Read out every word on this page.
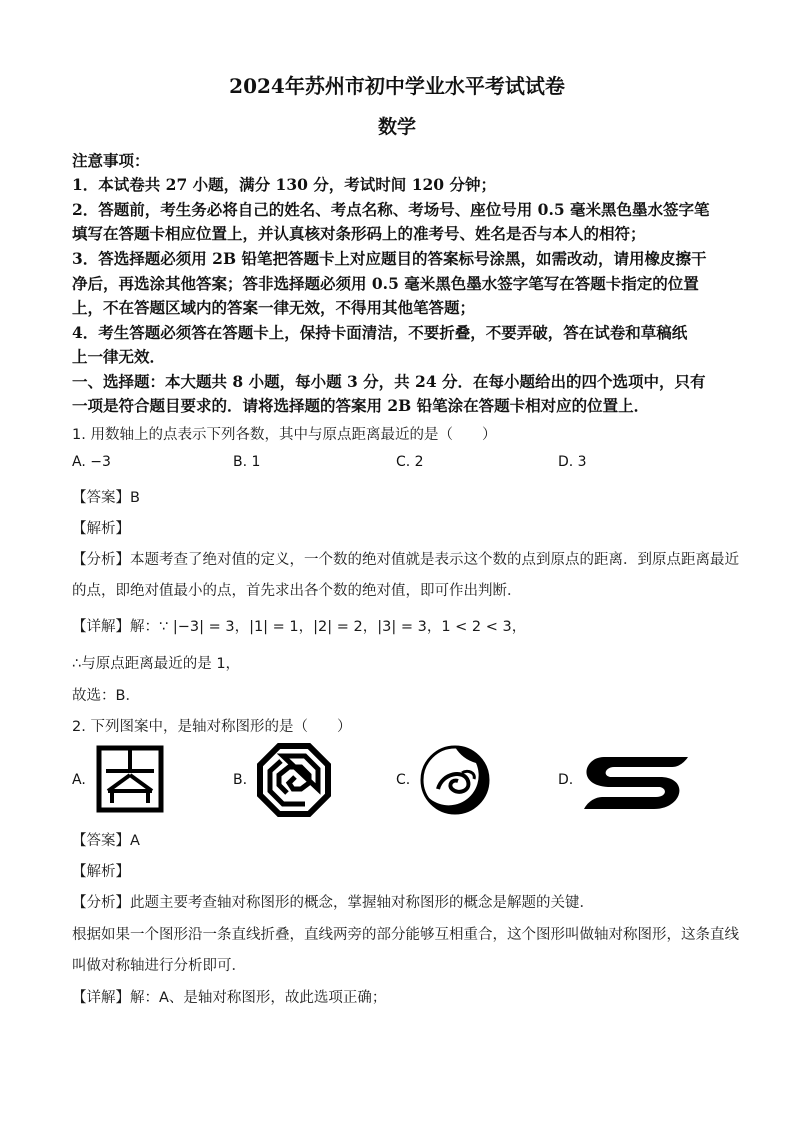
2024年苏州市初中学业水平考试试卷
数学
注意事项：
1．本试卷共 27 小题，满分 130 分，考试时间 120 分钟；
2．答题前，考生务必将自己的姓名、考点名称、考场号、座位号用 0.5 毫米黑色墨水签字笔
填写在答题卡相应位置上，并认真核对条形码上的准考号、姓名是否与本人的相符；
3．答选择题必须用 2B 铅笔把答题卡上对应题目的答案标号涂黑，如需改动，请用橡皮擦干
净后，再选涂其他答案；答非选择题必须用 0.5 毫米黑色墨水签字笔写在答题卡指定的位置
上，不在答题区域内的答案一律无效，不得用其他笔答题；
4．考生答题必须答在答题卡上，保持卡面清洁，不要折叠，不要弄破，答在试卷和草稿纸
上一律无效．
一、选择题：本大题共 8 小题，每小题 3 分，共 24 分．在每小题给出的四个选项中，只有
一项是符合题目要求的．请将选择题的答案用 2B 铅笔涂在答题卡相对应的位置上．
1. 用数轴上的点表示下列各数，其中与原点距离最近的是（　　）
A. −3	B. 1	C. 2	D. 3
【答案】B
【解析】
【分析】本题考查了绝对值的定义，一个数的绝对值就是表示这个数的点到原点的距离．到原点距离最近
的点，即绝对值最小的点，首先求出各个数的绝对值，即可作出判断．
【详解】解：∵ |−3| = 3，|1| = 1，|2| = 2，|3| = 3，1 < 2 < 3，
∴与原点距离最近的是 1，
故选：B．
2. 下列图案中，是轴对称图形的是（　　）
A.	B.	C.	D.
【答案】A
【解析】
【分析】此题主要考查轴对称图形的概念，掌握轴对称图形的概念是解题的关键．
根据如果一个图形沿一条直线折叠，直线两旁的部分能够互相重合，这个图形叫做轴对称图形，这条直线
叫做对称轴进行分析即可．
【详解】解：A、是轴对称图形，故此选项正确；
